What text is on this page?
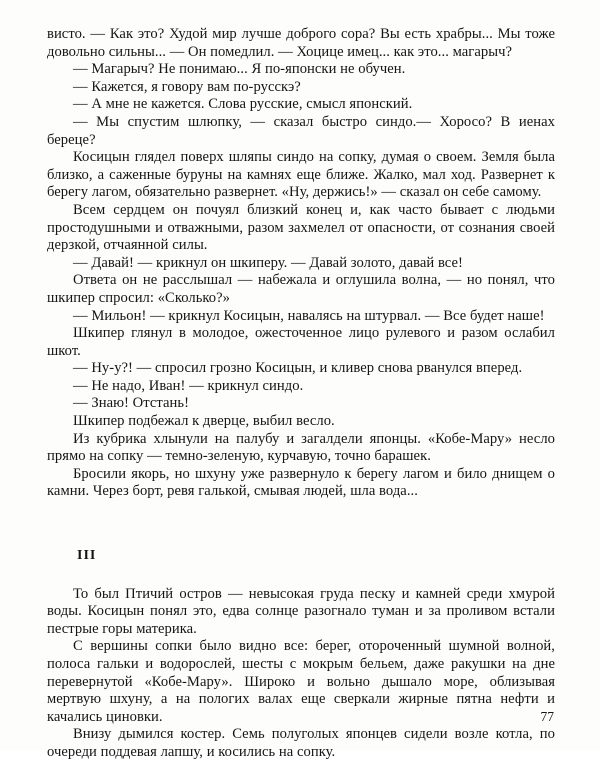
висто. — Как это? Худой мир лучше доброго сора? Вы есть храбры... Мы тоже довольно сильны... — Он помедлил. — Хоцице имец... как это... магарыч?

— Магарыч? Не понимаю... Я по-японски не обучен.

— Кажется, я говору вам по-русскэ?

— А мне не кажется. Слова русские, смысл японский.

— Мы спустим шлюпку, — сказал быстро синдо.— Хоросо? В иенах береце?

Косицын глядел поверх шляпы синдо на сопку, думая о своем. Земля была близко, а саженные буруны на камнях еще ближе. Жалко, мал ход. Развернет к берегу лагом, обязательно развернет. «Ну, держись!» — сказал он себе самому.

Всем сердцем он почуял близкий конец и, как часто бывает с людьми простодушными и отважными, разом захмелел от опасности, от сознания своей дерзкой, отчаянной силы.

— Давай! — крикнул он шкиперу. — Давай золото, давай все!

Ответа он не расслышал — набежала и оглушила волна, — но понял, что шкипер спросил: «Сколько?»

— Мильон! — крикнул Косицын, навалясь на штурвал. — Все будет наше!

Шкипер глянул в молодое, ожесточенное лицо рулевого и разом ослабил шкот.

— Ну-у?! — спросил грозно Косицын, и кливер снова рванулся вперед.

— Не надо, Иван! — крикнул синдо.

— Знаю! Отстань!

Шкипер подбежал к дверце, выбил весло.

Из кубрика хлынули на палубу и загалдели японцы. «Кобе-Мару» несло прямо на сопку — темно-зеленую, курчавую, точно барашек.

Бросили якорь, но шхуну уже развернуло к берегу лагом и било днищем о камни. Через борт, ревя галькой, смывая людей, шла вода...

III

То был Птичий остров — невысокая груда песку и камней среди хмурой воды. Косицын понял это, едва солнце разогнало туман и за проливом встали пестрые горы материка.

С вершины сопки было видно все: берег, отороченный шумной волной, полоса гальки и водорослей, шесты с мокрым бельем, даже ракушки на дне перевернутой «Кобе-Мару». Широко и вольно дышало море, облизывая мертвую шхуну, а на пологих валах еще сверкали жирные пятна нефти и качались циновки.

Внизу дымился костер. Семь полуголых японцев сидели возле котла, по очереди поддевая лапшу, и косились на сопку.

77
